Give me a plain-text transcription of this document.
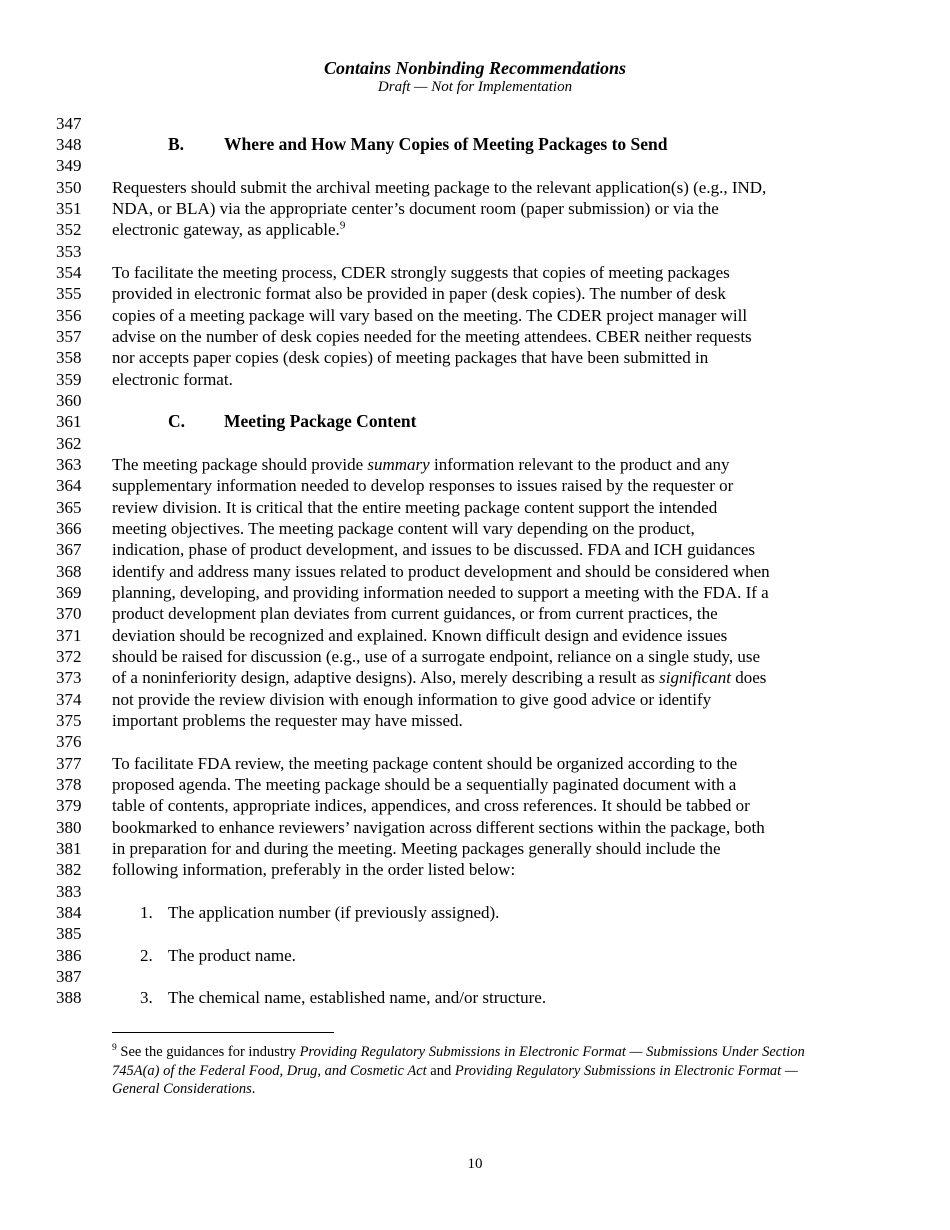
Contains Nonbinding Recommendations
Draft — Not for Implementation
347
348
349
350
351
352
353
354
355
356
357
358
359
360
361
362
363
364
365
366
367
368
369
370
371
372
373
374
375
376
377
378
379
380
381
382
383
384
385
386
387
388
B. Where and How Many Copies of Meeting Packages to Send
Requesters should submit the archival meeting package to the relevant application(s) (e.g., IND,
NDA, or BLA) via the appropriate center’s document room (paper submission) or via the
electronic gateway, as applicable.$^9$
To facilitate the meeting process, CDER strongly suggests that copies of meeting packages
provided in electronic format also be provided in paper (desk copies). The number of desk
copies of a meeting package will vary based on the meeting. The CDER project manager will
advise on the number of desk copies needed for the meeting attendees. CBER neither requests
nor accepts paper copies (desk copies) of meeting packages that have been submitted in
electronic format.
C. Meeting Package Content
The meeting package should provide summary information relevant to the product and any
supplementary information needed to develop responses to issues raised by the requester or
review division. It is critical that the entire meeting package content support the intended
meeting objectives. The meeting package content will vary depending on the product,
indication, phase of product development, and issues to be discussed. FDA and ICH guidances
identify and address many issues related to product development and should be considered when
planning, developing, and providing information needed to support a meeting with the FDA. If a
product development plan deviates from current guidances, or from current practices, the
deviation should be recognized and explained. Known difficult design and evidence issues
should be raised for discussion (e.g., use of a surrogate endpoint, reliance on a single study, use
of a noninferiority design, adaptive designs). Also, merely describing a result as significant does
not provide the review division with enough information to give good advice or identify
important problems the requester may have missed.
To facilitate FDA review, the meeting package content should be organized according to the
proposed agenda. The meeting package should be a sequentially paginated document with a
table of contents, appropriate indices, appendices, and cross references. It should be tabbed or
bookmarked to enhance reviewers’ navigation across different sections within the package, both
in preparation for and during the meeting. Meeting packages generally should include the
following information, preferably in the order listed below:
1. The application number (if previously assigned).
2. The product name.
3. The chemical name, established name, and/or structure.
$^9$ See the guidances for industry Providing Regulatory Submissions in Electronic Format — Submissions Under Section 745A(a) of the Federal Food, Drug, and Cosmetic Act and Providing Regulatory Submissions in Electronic Format — General Considerations.
10
